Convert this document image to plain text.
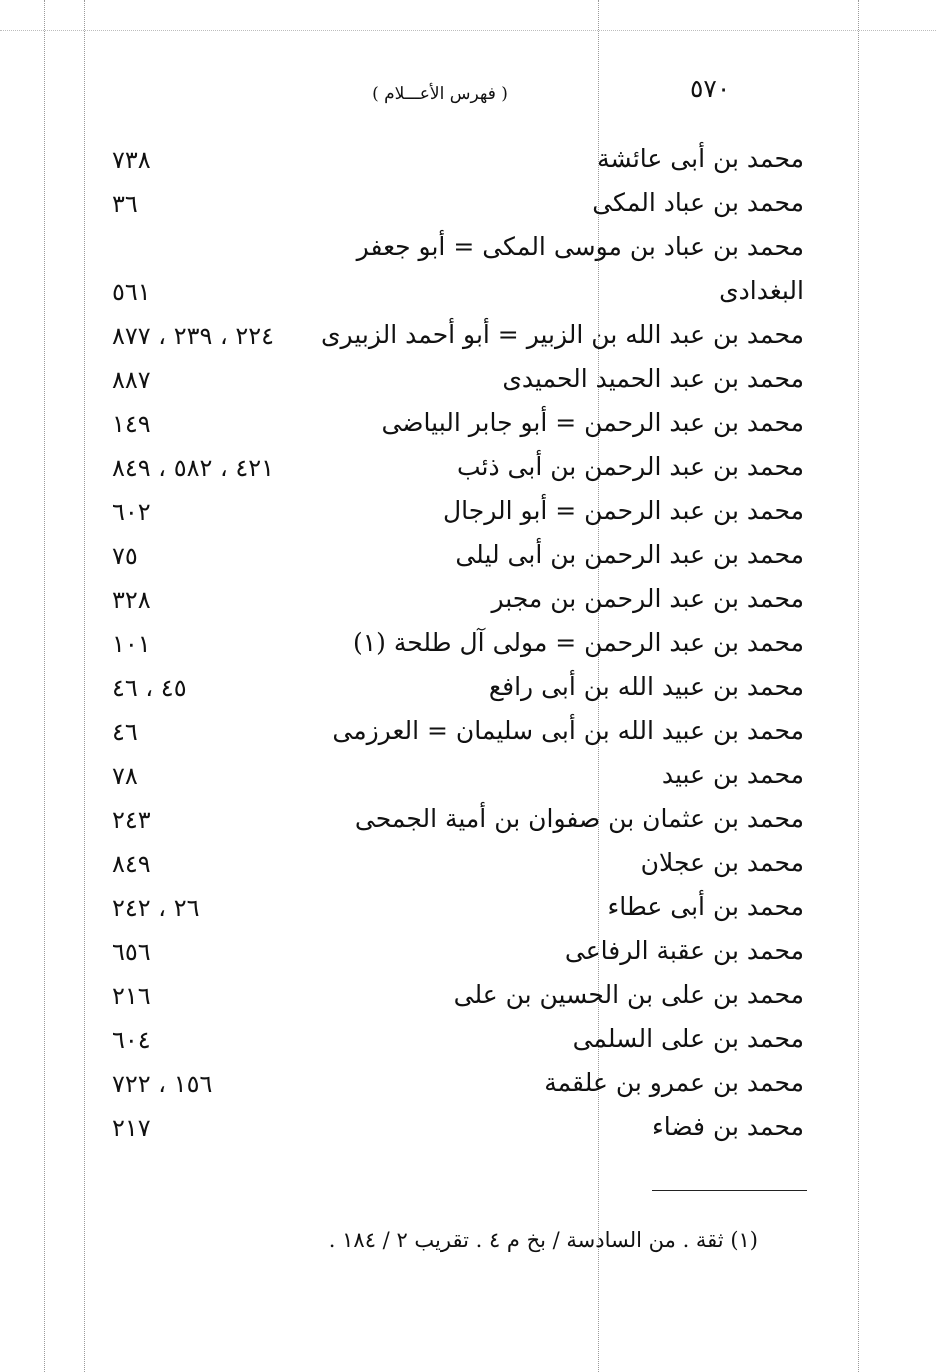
٥٧٠
( فهرس الأعـــلام )
محمد بن أبى عائشة
٧٣٨
محمد بن عباد المكى
٣٦
محمد بن عباد بن موسى المكى = أبو جعفر
البغدادى
٥٦١
محمد بن عبد الله بن الزبير = أبو أحمد الزبيرى
٢٢٤ ، ٢٣٩ ، ٨٧٧
محمد بن عبد الحميد الحميدى
٨٨٧
محمد بن عبد الرحمن = أبو جابر البياضى
١٤٩
محمد بن عبد الرحمن بن أبى ذئب
٤٢١ ، ٥٨٢ ، ٨٤٩
محمد بن عبد الرحمن = أبو الرجال
٦٠٢
محمد بن عبد الرحمن بن أبى ليلى
٧٥
محمد بن عبد الرحمن بن مجبر
٣٢٨
محمد بن عبد الرحمن = مولى آل طلحة (١)
١٠١
محمد بن عبيد الله بن أبى رافع
٤٥ ، ٤٦
محمد بن عبيد الله بن أبى سليمان = العرزمى
٤٦
محمد بن عبيد
٧٨
محمد بن عثمان بن صفوان بن أمية الجمحى
٢٤٣
محمد بن عجلان
٨٤٩
محمد بن أبى عطاء
٢٦ ، ٢٤٢
محمد بن عقبة الرفاعى
٦٥٦
محمد بن على بن الحسين بن على
٢١٦
محمد بن على السلمى
٦٠٤
محمد بن عمرو بن علقمة
١٥٦ ، ٧٢٢
محمد بن فضاء
٢١٧
(١) ثقة . من السادسة / بخ م ٤ . تقريب ٢ / ١٨٤ .
